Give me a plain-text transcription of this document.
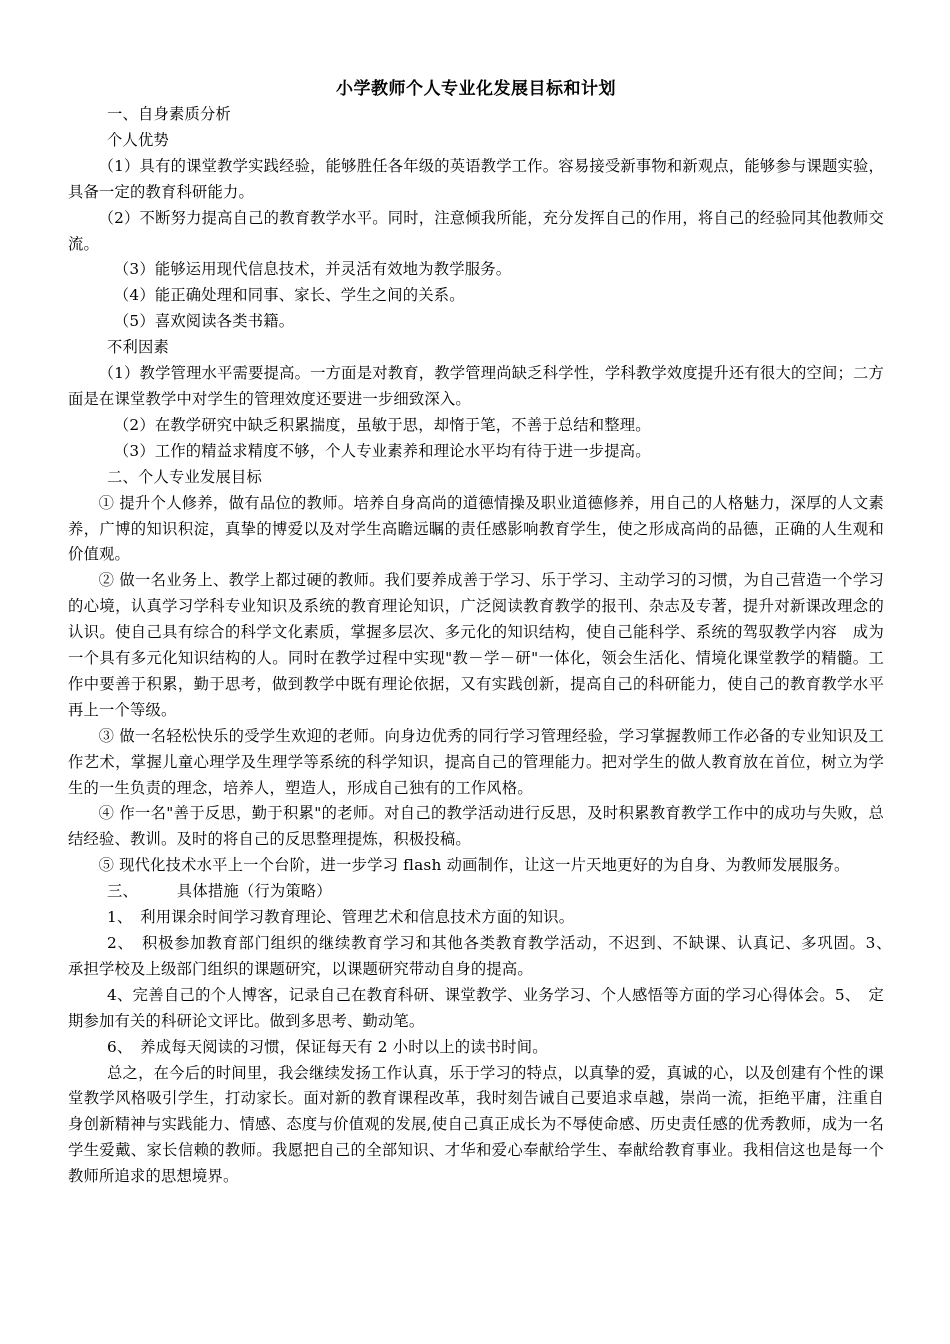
小学教师个人专业化发展目标和计划

一、自身素质分析

个人优势

（1）具有的课堂教学实践经验，能够胜任各年级的英语教学工作。容易接受新事物和新观点，能够参与课题实验，具备一定的教育科研能力。

（2）不断努力提高自己的教育教学水平。同时，注意倾我所能，充分发挥自己的作用，将自己的经验同其他教师交流。

（3）能够运用现代信息技术，并灵活有效地为教学服务。

（4）能正确处理和同事、家长、学生之间的关系。

（5）喜欢阅读各类书籍。

不利因素

（1）教学管理水平需要提高。一方面是对教育，教学管理尚缺乏科学性，学科教学效度提升还有很大的空间；二方面是在课堂教学中对学生的管理效度还要进一步细致深入。

（2）在教学研究中缺乏积累揣度，虽敏于思，却惰于笔，不善于总结和整理。

（3）工作的精益求精度不够，个人专业素养和理论水平均有待于进一步提高。

二、个人专业发展目标

① 提升个人修养，做有品位的教师。培养自身高尚的道德情操及职业道德修养，用自己的人格魅力，深厚的人文素养，广博的知识积淀，真挚的博爱以及对学生高瞻远瞩的责任感影响教育学生，使之形成高尚的品德，正确的人生观和价值观。

② 做一名业务上、教学上都过硬的教师。我们要养成善于学习、乐于学习、主动学习的习惯，为自己营造一个学习的心境，认真学习学科专业知识及系统的教育理论知识，广泛阅读教育教学的报刊、杂志及专著，提升对新课改理念的认识。使自己具有综合的科学文化素质，掌握多层次、多元化的知识结构，使自己能科学、系统的驾驭教学内容　成为一个具有多元化知识结构的人。同时在教学过程中实现"教－学－研"一体化，领会生活化、情境化课堂教学的精髓。工作中要善于积累，勤于思考，做到教学中既有理论依据，又有实践创新，提高自己的科研能力，使自己的教育教学水平再上一个等级。

③ 做一名轻松快乐的受学生欢迎的老师。向身边优秀的同行学习管理经验，学习掌握教师工作必备的专业知识及工作艺术，掌握儿童心理学及生理学等系统的科学知识，提高自己的管理能力。把对学生的做人教育放在首位，树立为学生的一生负责的理念，培养人，塑造人，形成自己独有的工作风格。

④ 作一名"善于反思，勤于积累"的老师。对自己的教学活动进行反思，及时积累教育教学工作中的成功与失败，总结经验、教训。及时的将自己的反思整理提炼，积极投稿。

⑤ 现代化技术水平上一个台阶，进一步学习 flash 动画制作，让这一片天地更好的为自身、为教师发展服务。

三、　　　具体措施（行为策略）

1、　利用课余时间学习教育理论、管理艺术和信息技术方面的知识。

2、　积极参加教育部门组织的继续教育学习和其他各类教育教学活动，不迟到、不缺课、认真记、多巩固。3、　承担学校及上级部门组织的课题研究，以课题研究带动自身的提高。

4、完善自己的个人博客，记录自己在教育科研、课堂教学、业务学习、个人感悟等方面的学习心得体会。5、　定期参加有关的科研论文评比。做到多思考、勤动笔。

6、　养成每天阅读的习惯，保证每天有 2 小时以上的读书时间。

总之，在今后的时间里，我会继续发扬工作认真，乐于学习的特点，以真挚的爱，真诚的心，以及创建有个性的课堂教学风格吸引学生，打动家长。面对新的教育课程改革，我时刻告诫自己要追求卓越，崇尚一流，拒绝平庸，注重自身创新精神与实践能力、情感、态度与价值观的发展,使自己真正成长为不辱使命感、历史责任感的优秀教师，成为一名学生爱戴、家长信赖的教师。我愿把自己的全部知识、才华和爱心奉献给学生、奉献给教育事业。我相信这也是每一个教师所追求的思想境界。
